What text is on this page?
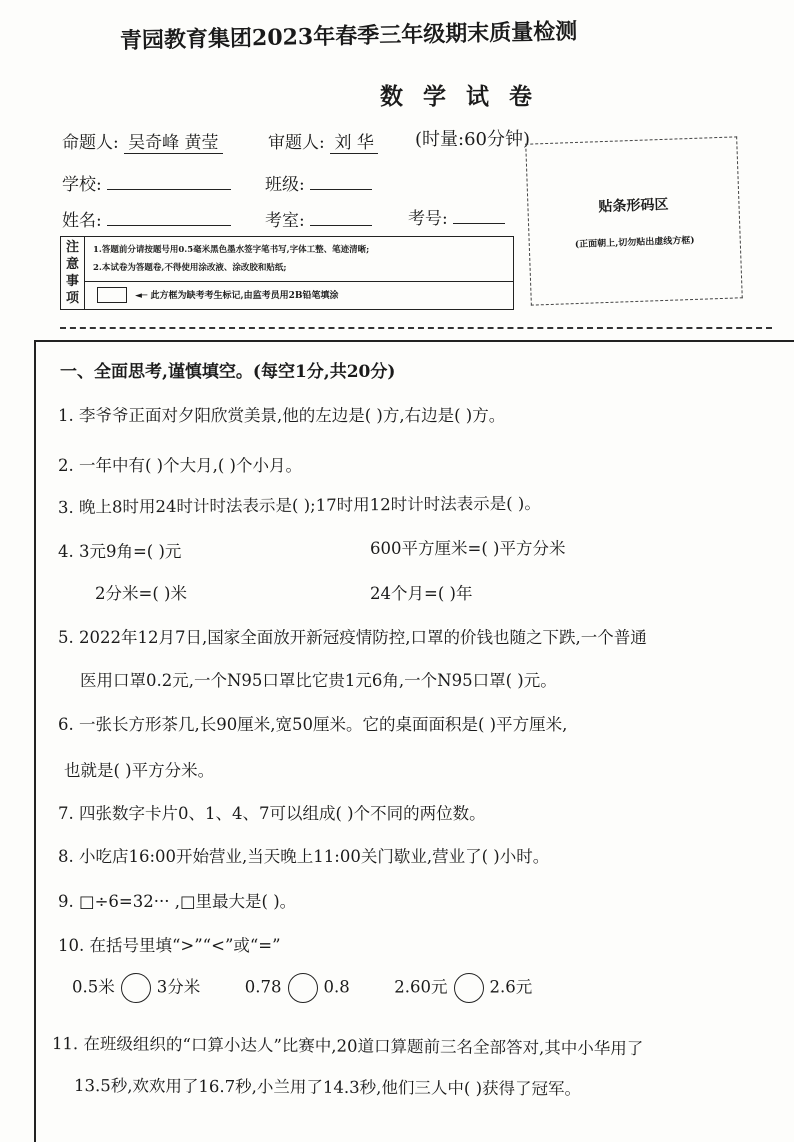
青园教育集团2023年春季三年级期末质量检测
数 学 试 卷
命题人: 吴奇峰 黄莹	审题人: 刘 华 (时量:60分钟)
学校:	班级:
姓名:	考室:	考号:
注
意
事
项
1.答题前分请按题号用0.5毫米黑色墨水签字笔书写,字体工整、笔迹清晰;
2.本试卷为答题卷,不得使用涂改液、涂改胶和贴纸;
◄─ 此方框为缺考考生标记,由监考员用2B铅笔填涂
贴条形码区
(正面朝上,切勿贴出虚线方框)
一、全面思考,谨慎填空。(每空1分,共20分)
1. 李爷爷正面对夕阳欣赏美景,他的左边是( )方,右边是( )方。
2. 一年中有( )个大月,( )个小月。
3. 晚上8时用24时计时法表示是( );17时用12时计时法表示是( )。
4. 3元9角=( )元	600平方厘米=( )平方分米
2分米=( )米	24个月=( )年
5. 2022年12月7日,国家全面放开新冠疫情防控,口罩的价钱也随之下跌,一个普通
医用口罩0.2元,一个N95口罩比它贵1元6角,一个N95口罩( )元。
6. 一张长方形茶几,长90厘米,宽50厘米。它的桌面面积是( )平方厘米,
也就是( )平方分米。
7. 四张数字卡片0、1、4、7可以组成( )个不同的两位数。
8. 小吃店16:00开始营业,当天晚上11:00关门歇业,营业了( )小时。
9. □÷6=32··· ,□里最大是( )。
10. 在括号里填“>”“<”或“=”
0.5米	3分米	0.78	0.8	2.60元	2.6元
11. 在班级组织的“口算小达人”比赛中,20道口算题前三名全部答对,其中小华用了
13.5秒,欢欢用了16.7秒,小兰用了14.3秒,他们三人中( )获得了冠军。
